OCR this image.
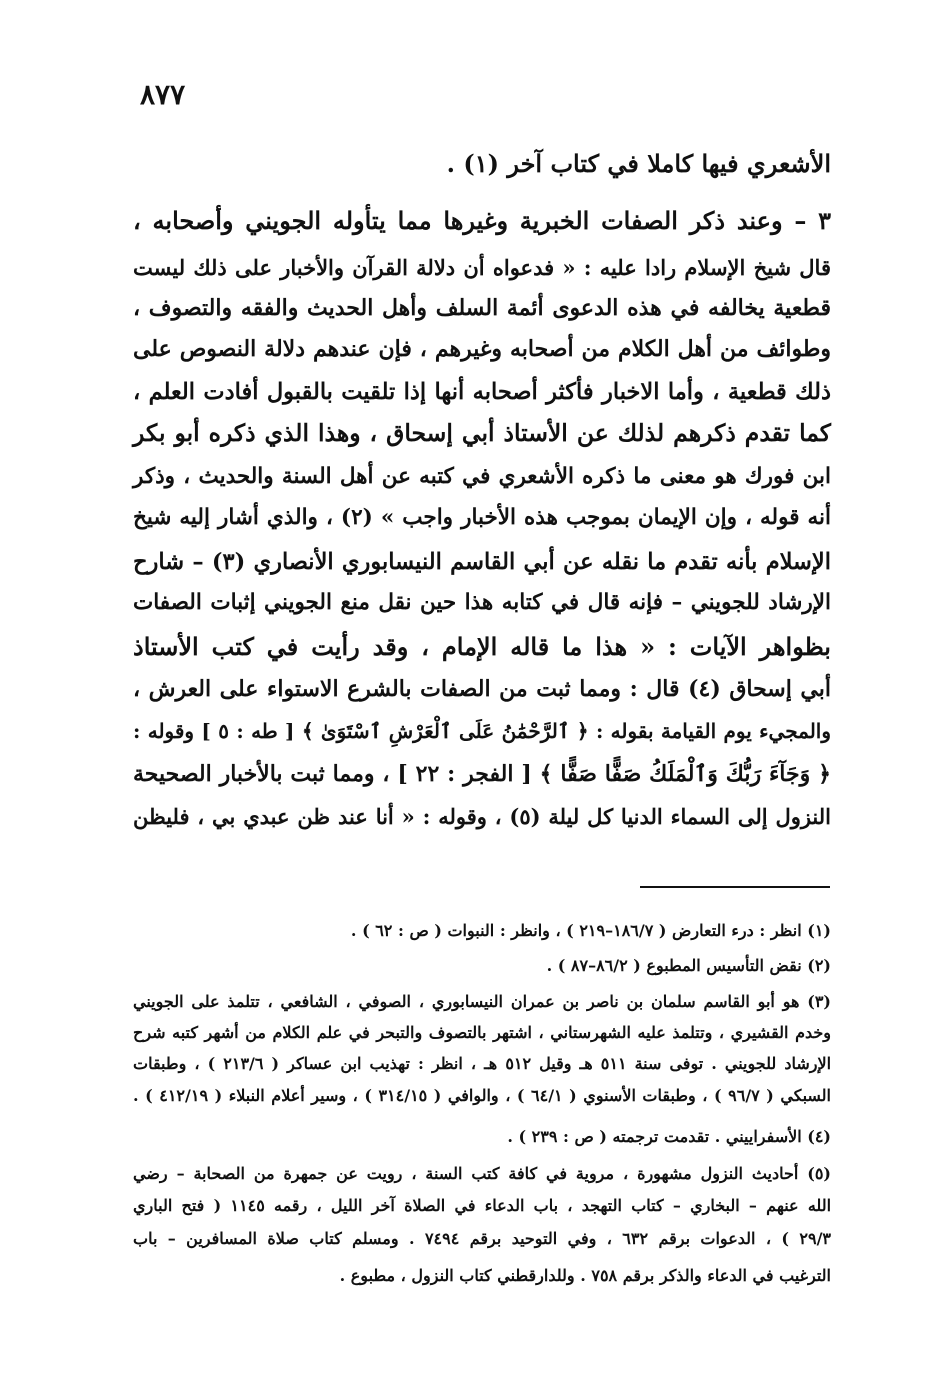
٨٧٧
الأشعري فيها كاملا في كتاب آخر (١) .
٣ – وعند ذكر الصفات الخبرية وغيرها مما يتأوله الجويني وأصحابه ،
قال شيخ الإسلام رادا عليه : « فدعواه أن دلالة القرآن والأخبار على ذلك ليست
قطعية يخالفه في هذه الدعوى أئمة السلف وأهل الحديث والفقه والتصوف ،
وطوائف من أهل الكلام من أصحابه وغيرهم ، فإن عندهم دلالة النصوص على
ذلك قطعية ، وأما الاخبار فأكثر أصحابه أنها إذا تلقيت بالقبول أفادت العلم ،
كما تقدم ذكرهم لذلك عن الأستاذ أبي إسحاق ، وهذا الذي ذكره أبو بكر
ابن فورك هو معنى ما ذكره الأشعري في كتبه عن أهل السنة والحديث ، وذكر
أنه قوله ، وإن الإيمان بموجب هذه الأخبار واجب » (٢) ، والذي أشار إليه شيخ
الإسلام بأنه تقدم ما نقله عن أبي القاسم النيسابوري الأنصاري (٣) – شارح
الإرشاد للجويني – فإنه قال في كتابه هذا حين نقل منع الجويني إثبات الصفات
بظواهر الآيات : « هذا ما قاله الإمام ، وقد رأيت في كتب الأستاذ
أبي إسحاق (٤) قال : ومما ثبت من الصفات بالشرع الاستواء على العرش ،
والمجيء يوم القيامة بقوله : ﴿ ٱلرَّحْمَٰنُ عَلَى ٱلْعَرْشِ ٱسْتَوَىٰ ﴾ [ طه : ٥ ] وقوله :
﴿ وَجَآءَ رَبُّكَ وَٱلْمَلَكُ صَفًّا صَفًّا ﴾ [ الفجر : ٢٢ ] ، ومما ثبت بالأخبار الصحيحة
النزول إلى السماء الدنيا كل ليلة (٥) ، وقوله : « أنا عند ظن عبدي بي ، فليظن
(١) انظر : درء التعارض ( ١٨٦/٧–٢١٩ ) ، وانظر : النبوات ( ص : ٦٢ ) .
(٢) نقض التأسيس المطبوع ( ٨٦/٢–٨٧ ) .
(٣) هو أبو القاسم سلمان بن ناصر بن عمران النيسابوري ، الصوفي ، الشافعي ، تتلمذ على الجويني
وخدم القشيري ، وتتلمذ عليه الشهرستاني ، اشتهر بالتصوف والتبحر في علم الكلام من أشهر كتبه شرح
الإرشاد للجويني . توفى سنة ٥١١ هـ وقيل ٥١٢ هـ ، انظر : تهذيب ابن عساكر ( ٢١٣/٦ ) ، وطبقات
السبكي ( ٩٦/٧ ) ، وطبقات الأسنوي ( ٦٤/١ ) ، والوافي ( ٣١٤/١٥ ) ، وسير أعلام النبلاء ( ٤١٢/١٩ ) .
(٤) الأسفراييني . تقدمت ترجمته ( ص : ٢٣٩ ) .
(٥) أحاديث النزول مشهورة ، مروية في كافة كتب السنة ، رويت عن جمهرة من الصحابة – رضي
الله عنهم – البخاري – كتاب التهجد ، باب الدعاء في الصلاة آخر الليل ، رقمه ١١٤٥ ( فتح الباري
٢٩/٣ ) ، الدعوات برقم ٦٣٢ ، وفي التوحيد برقم ٧٤٩٤ . ومسلم كتاب صلاة المسافرين – باب
الترغيب في الدعاء والذكر برقم ٧٥٨ . وللدارقطني كتاب النزول ، مطبوع .
